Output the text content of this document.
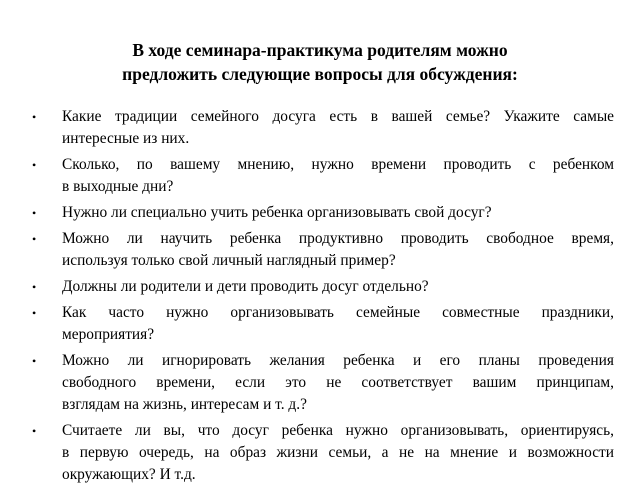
В ходе семинара-практикума родителям можно
предложить следующие вопросы для обсуждения:
• Какие традиции семейного досуга есть в вашей семье? Укажите самые
интересные из них.
• Сколько, по вашему мнению, нужно времени проводить с ребенком
в выходные дни?
• Нужно ли специально учить ребенка организовывать свой досуг?
• Можно ли научить ребенка продуктивно проводить свободное время,
используя только свой личный наглядный пример?
• Должны ли родители и дети проводить досуг отдельно?
• Как часто нужно организовывать семейные совместные праздники,
мероприятия?
• Можно ли игнорировать желания ребенка и его планы проведения
свободного времени, если это не соответствует вашим принципам,
взглядам на жизнь, интересам и т. д.?
• Считаете ли вы, что досуг ребенка нужно организовывать, ориентируясь,
в первую очередь, на образ жизни семьи, а не на мнение и возможности
окружающих? И т.д.
